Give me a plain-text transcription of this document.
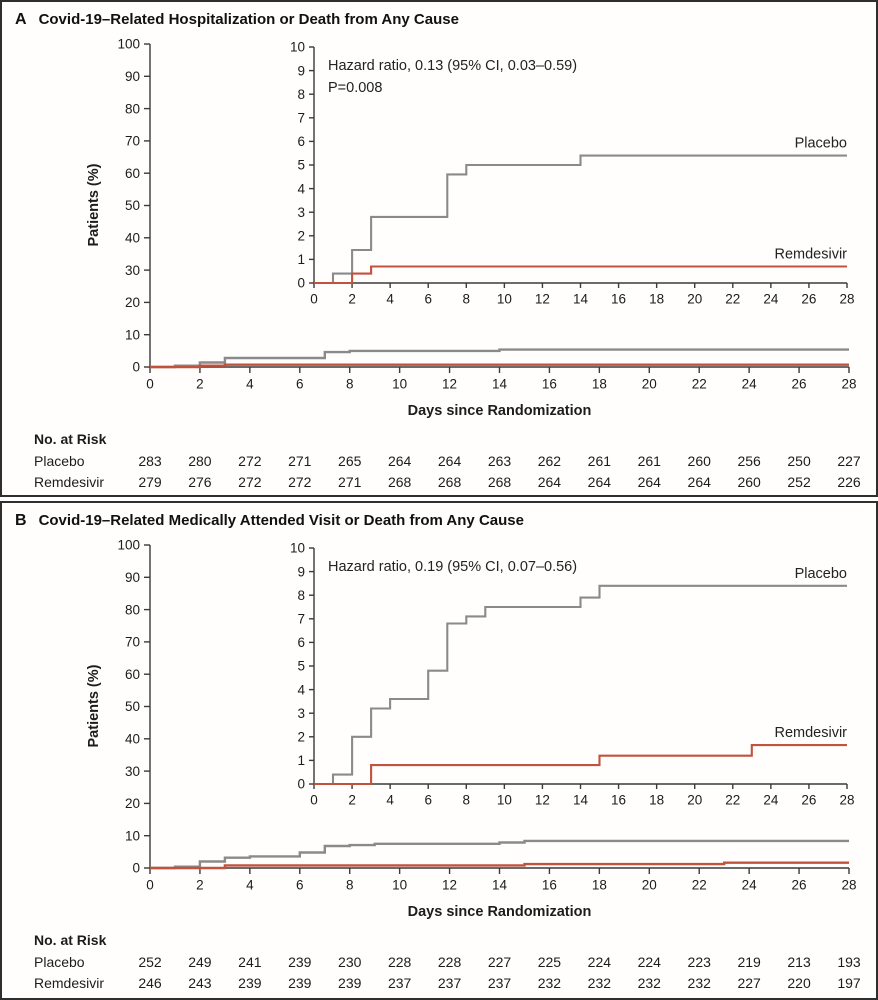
A Covid-19–Related Hospitalization or Death from Any Cause
0
10
20
30
40
50
60
70
80
90
100
0	2	4	6	8	10	12	14	16	18	20	22	24	26	28
Patients (%)
Days since Randomization
0
1
2
3
4
5
6
7
8
9
10
0 2 4 6 8 10 12 14 16 18 20 22 24 26 28
Placebo
Remdesivir
Hazard ratio, 0.13 (95% CI, 0.03–0.59)
P=0.008
No. at Risk
Placebo	283 280 272 271 265 264 264 263 262 261 261 260 256 250 227
Remdesivir 279 276 272 272 271 268 268 268 264 264 264 264 260 252 226
B Covid-19–Related Medically Attended Visit or Death from Any Cause
0
10
20
30
40
50
60
70
80
90
100
0	2	4	6	8	10	12	14	16	18	20	22	24	26	28
Patients (%)
Days since Randomization
0
1
2
3
4
5
6
7
8
9
10
0 2 4 6 8 10 12 14 16 18 20 22 24 26 28
Placebo
Remdesivir
Hazard ratio, 0.19 (95% CI, 0.07–0.56)
No. at Risk
Placebo	252 249 241 239 230 228 228 227 225 224 224 223 219 213 193
Remdesivir 246 243 239 239 239 237 237 237 232 232 232 232 227 220 197
